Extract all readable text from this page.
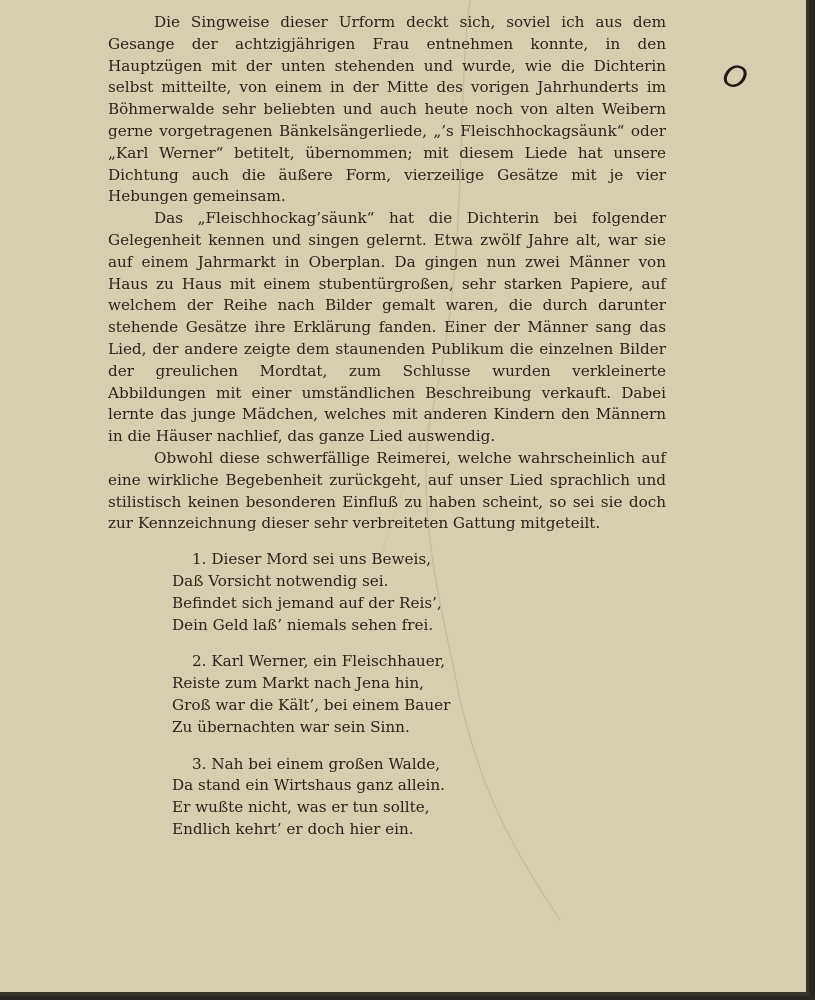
Die Singweise dieser Urform deckt sich, soviel ich aus dem Gesange der achtzigjährigen Frau entnehmen konnte, in den Hauptzügen mit der unten stehenden und wurde, wie die Dichterin selbst mitteilte, von einem in der Mitte des vorigen Jahrhunderts im Böhmerwalde sehr beliebten und auch heute noch von alten Weibern gerne vorgetragenen Bänkelsängerliede, „’s Fleischhockagsäunk“ oder „Karl Werner“ betitelt, übernommen; mit diesem Liede hat unsere Dichtung auch die äußere Form, vierzeilige Gesätze mit je vier Hebungen gemeinsam.

Das „Fleischhockag’säunk“ hat die Dichterin bei folgender Gelegenheit kennen und singen gelernt. Etwa zwölf Jahre alt, war sie auf einem Jahrmarkt in Oberplan. Da gingen nun zwei Männer von Haus zu Haus mit einem stubentürgroßen, sehr starken Papiere, auf welchem der Reihe nach Bilder gemalt waren, die durch darunter stehende Gesätze ihre Erklärung fanden. Einer der Männer sang das Lied, der andere zeigte dem staunenden Publikum die einzelnen Bilder der greulichen Mordtat, zum Schlusse wurden verkleinerte Abbildungen mit einer umständlichen Beschreibung verkauft. Dabei lernte das junge Mädchen, welches mit anderen Kindern den Männern in die Häuser nachlief, das ganze Lied auswendig.

Obwohl diese schwerfällige Reimerei, welche wahrscheinlich auf eine wirkliche Begebenheit zurückgeht, auf unser Lied sprachlich und stilistisch keinen besonderen Einfluß zu haben scheint, so sei sie doch zur Kennzeichnung dieser sehr verbreiteten Gattung mitgeteilt.

1. Dieser Mord sei uns Beweis,
Daß Vorsicht notwendig sei.
Befindet sich jemand auf der Reis’,
Dein Geld laß’ niemals sehen frei.
2. Karl Werner, ein Fleischhauer,
Reiste zum Markt nach Jena hin,
Groß war die Kält’, bei einem Bauer
Zu übernachten war sein Sinn.
3. Nah bei einem großen Walde,
Da stand ein Wirtshaus ganz allein.
Er wußte nicht, was er tun sollte,
Endlich kehrt’ er doch hier ein.
O
